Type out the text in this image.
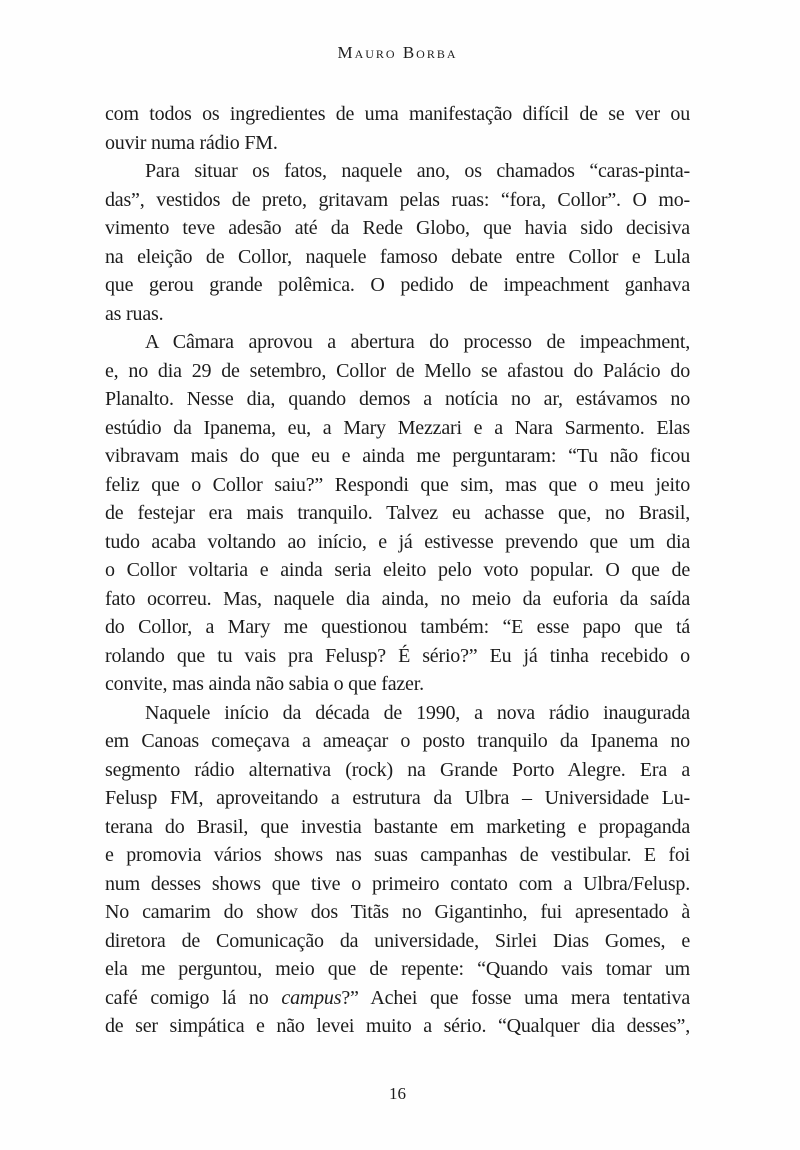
Mauro Borba
com todos os ingredientes de uma manifestação difícil de se ver ou
ouvir numa rádio FM.
Para situar os fatos, naquele ano, os chamados “caras-pinta-
das”, vestidos de preto, gritavam pelas ruas: “fora, Collor”. O mo-
vimento teve adesão até da Rede Globo, que havia sido decisiva
na eleição de Collor, naquele famoso debate entre Collor e Lula
que gerou grande polêmica. O pedido de impeachment ganhava
as ruas.
A Câmara aprovou a abertura do processo de impeachment,
e, no dia 29 de setembro, Collor de Mello se afastou do Palácio do
Planalto. Nesse dia, quando demos a notícia no ar, estávamos no
estúdio da Ipanema, eu, a Mary Mezzari e a Nara Sarmento. Elas
vibravam mais do que eu e ainda me perguntaram: “Tu não ficou
feliz que o Collor saiu?” Respondi que sim, mas que o meu jeito
de festejar era mais tranquilo. Talvez eu achasse que, no Brasil,
tudo acaba voltando ao início, e já estivesse prevendo que um dia
o Collor voltaria e ainda seria eleito pelo voto popular. O que de
fato ocorreu. Mas, naquele dia ainda, no meio da euforia da saída
do Collor, a Mary me questionou também: “E esse papo que tá
rolando que tu vais pra Felusp? É sério?” Eu já tinha recebido o
convite, mas ainda não sabia o que fazer.
Naquele início da década de 1990, a nova rádio inaugurada
em Canoas começava a ameaçar o posto tranquilo da Ipanema no
segmento rádio alternativa (rock) na Grande Porto Alegre. Era a
Felusp FM, aproveitando a estrutura da Ulbra – Universidade Lu-
terana do Brasil, que investia bastante em marketing e propaganda
e promovia vários shows nas suas campanhas de vestibular. E foi
num desses shows que tive o primeiro contato com a Ulbra/Felusp.
No camarim do show dos Titãs no Gigantinho, fui apresentado à
diretora de Comunicação da universidade, Sirlei Dias Gomes, e
ela me perguntou, meio que de repente: “Quando vais tomar um
café comigo lá no campus?” Achei que fosse uma mera tentativa
de ser simpática e não levei muito a sério. “Qualquer dia desses”,
16
